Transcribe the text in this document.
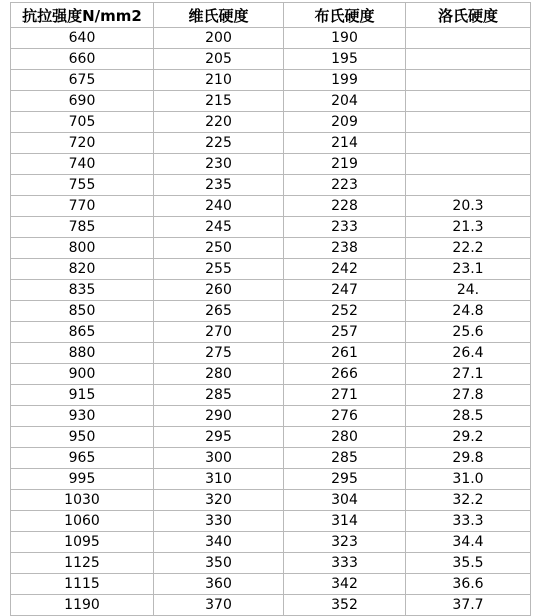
抗拉强度N/mm2	维氏硬度	布氏硬度	洛氏硬度
640	200	190	
660	205	195	
675	210	199	
690	215	204	
705	220	209	
720	225	214	
740	230	219	
755	235	223	
770	240	228	20.3
785	245	233	21.3
800	250	238	22.2
820	255	242	23.1
835	260	247	24.
850	265	252	24.8
865	270	257	25.6
880	275	261	26.4
900	280	266	27.1
915	285	271	27.8
930	290	276	28.5
950	295	280	29.2
965	300	285	29.8
995	310	295	31.0
1030	320	304	32.2
1060	330	314	33.3
1095	340	323	34.4
1125	350	333	35.5
1115	360	342	36.6
1190	370	352	37.7
